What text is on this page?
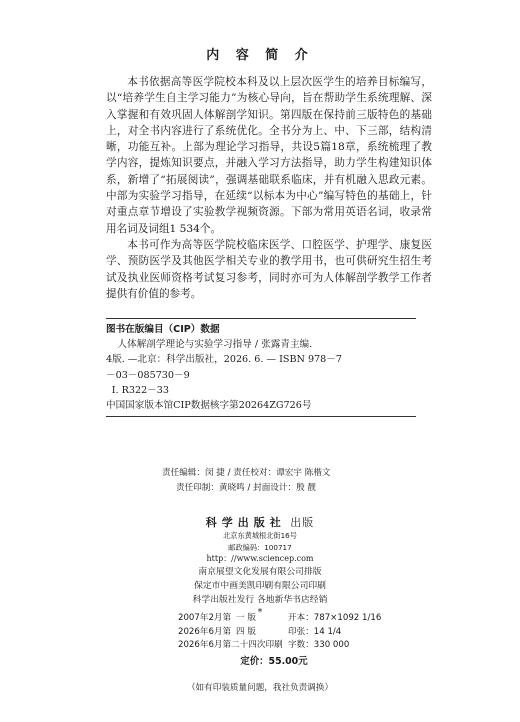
内 容 简 介

本书依据高等医学院校本科及以上层次医学生的培养目标编写，以“培养学生自主学习能力”为核心导向，旨在帮助学生系统理解、深入掌握和有效巩固人体解剖学知识。第四版在保持前三版特色的基础上，对全书内容进行了系统优化。全书分为上、中、下三部，结构清晰，功能互补。上部为理论学习指导，共设5篇18章，系统梳理了教学内容，提炼知识要点，并融入学习方法指导，助力学生构建知识体系，新增了“拓展阅读”，强调基础联系临床，并有机融入思政元素。中部为实验学习指导，在延续“以标本为中心”编写特色的基础上，针对重点章节增设了实验教学视频资源。下部为常用英语名词，收录常用名词及词组1 534个。

本书可作为高等医学院校临床医学、口腔医学、护理学、康复医学、预防医学及其他医学相关专业的教学用书，也可供研究生招生考试及执业医师资格考试复习参考，同时亦可为人体解剖学教学工作者提供有价值的参考。

图书在版编目（CIP）数据
人体解剖学理论与实验学习指导 / 张露青主编.
4版. —北京：科学出版社，2026. 6. — ISBN 978－7
－03－085730－9
Ⅰ. R322－33
中国国家版本馆CIP数据核字第20264ZG726号
责任编辑：闵 捷 / 责任校对：谭宏宇 陈楷文
责任印制：黄晓鸣 / 封面设计：殷 靓
科学出版社 出版
北京东黄城根北街16号
邮政编码：100717
http：//www.sciencep.com
南京展望文化发展有限公司排版
保定市中画美凯印刷有限公司印刷
科学出版社发行 各地新华书店经销
*
2007年2月第 一 版	开本：787×1092 1/16
2026年6月第 四 版	印张：14 1/4
2026年6月第二十四次印刷 字数：330 000
定价：55.00元
（如有印装质量问题，我社负责调换）
